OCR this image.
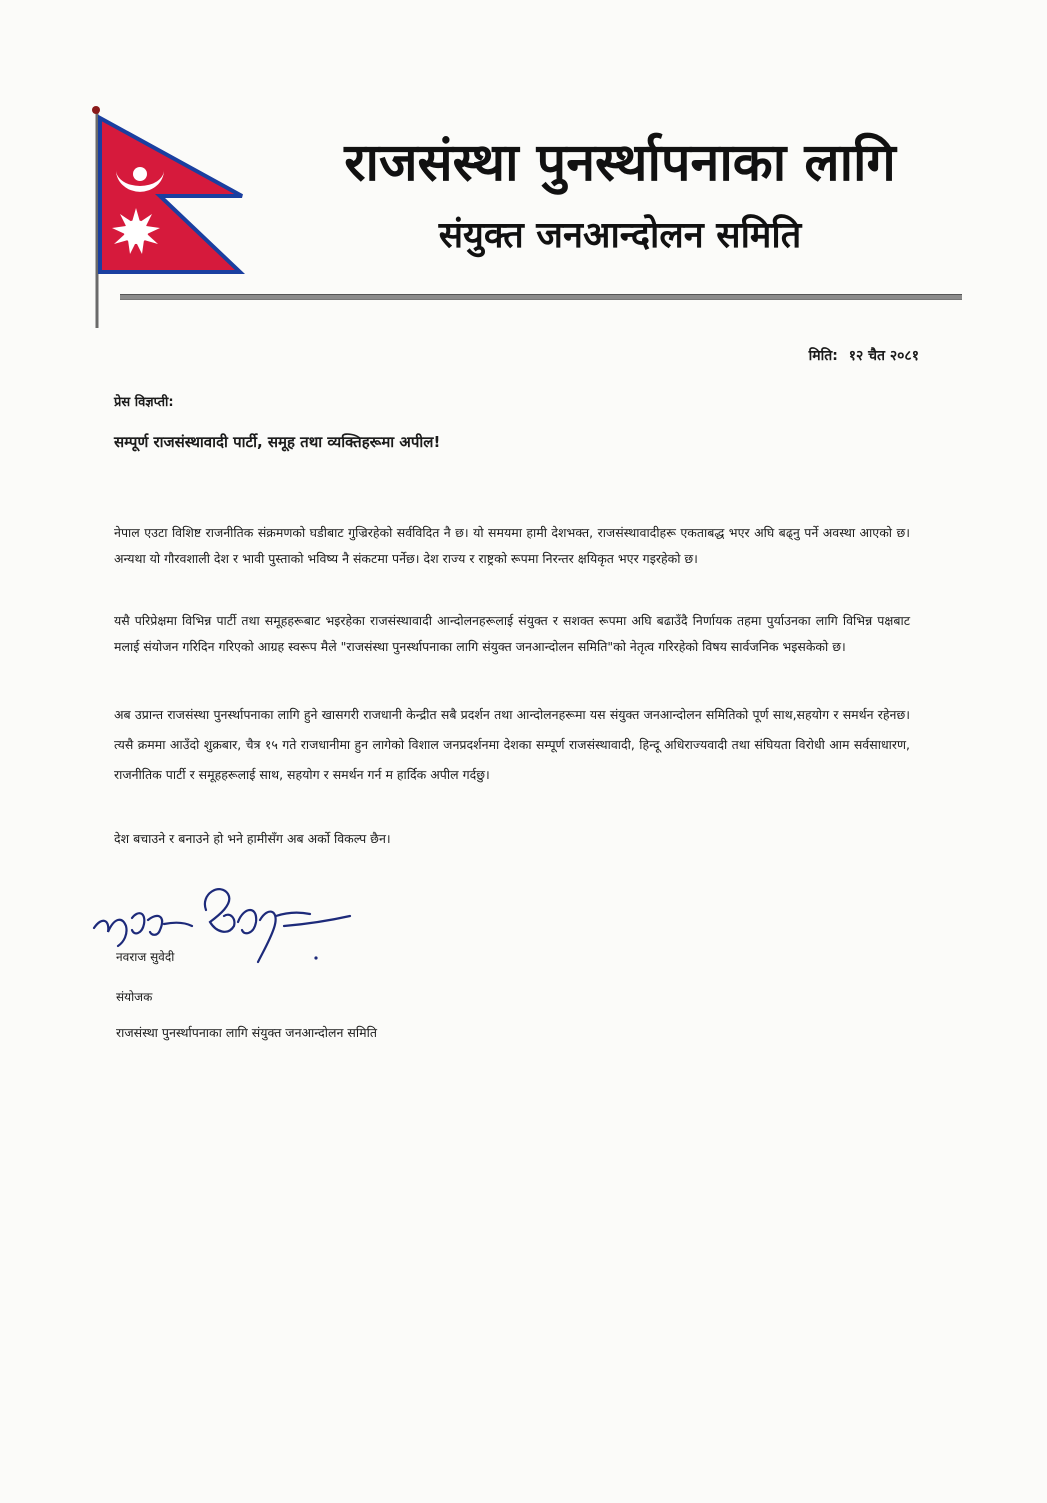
राजसंस्था पुनर्स्थापनाका लागि
संयुक्त जनआन्दोलन समिति
मिति: १२ चैत २०८१
प्रेस विज्ञप्ती:
सम्पूर्ण राजसंस्थावादी पार्टी, समूह तथा व्यक्तिहरूमा अपील!
नेपाल एउटा विशिष्ट राजनीतिक संक्रमणको घडीबाट गुज्रिरहेको सर्वविदित नै छ। यो समयमा हामी देशभक्त, राजसंस्थावादीहरू एकताबद्ध भएर अघि बढ्नु पर्ने अवस्था आएको छ। अन्यथा यो गौरवशाली देश र भावी पुस्ताको भविष्य नै संकटमा पर्नेछ। देश राज्य र राष्ट्रको रूपमा निरन्तर क्षयिकृत भएर गइरहेको छ।
यसै परिप्रेक्षमा विभिन्न पार्टी तथा समूहहरूबाट भइरहेका राजसंस्थावादी आन्दोलनहरूलाई संयुक्त र सशक्त रूपमा अघि बढाउँदै निर्णायक तहमा पुर्याउनका लागि विभिन्न पक्षबाट मलाई संयोजन गरिदिन गरिएको आग्रह स्वरूप मैले "राजसंस्था पुनर्स्थापनाका लागि संयुक्त जनआन्दोलन समिति"को नेतृत्व गरिरहेको विषय सार्वजनिक भइसकेको छ।
अब उप्रान्त राजसंस्था पुनर्स्थापनाका लागि हुने खासगरी राजधानी केन्द्रीत सबै प्रदर्शन तथा आन्दोलनहरूमा यस संयुक्त जनआन्दोलन समितिको पूर्ण साथ,सहयोग र समर्थन रहेनछ। त्यसै क्रममा आउँदो शुक्रबार, चैत्र १५ गते राजधानीमा हुन लागेको विशाल जनप्रदर्शनमा देशका सम्पूर्ण राजसंस्थावादी, हिन्दू अधिराज्यवादी तथा संघियता विरोधी आम सर्वसाधारण, राजनीतिक पार्टी र समूहहरूलाई साथ, सहयोग र समर्थन गर्न म हार्दिक अपील गर्दछु।
देश बचाउने र बनाउने हो भने हामीसँग अब अर्को विकल्प छैन।
नवराज सुवेदी
संयोजक
राजसंस्था पुनर्स्थापनाका लागि संयुक्त जनआन्दोलन समिति
